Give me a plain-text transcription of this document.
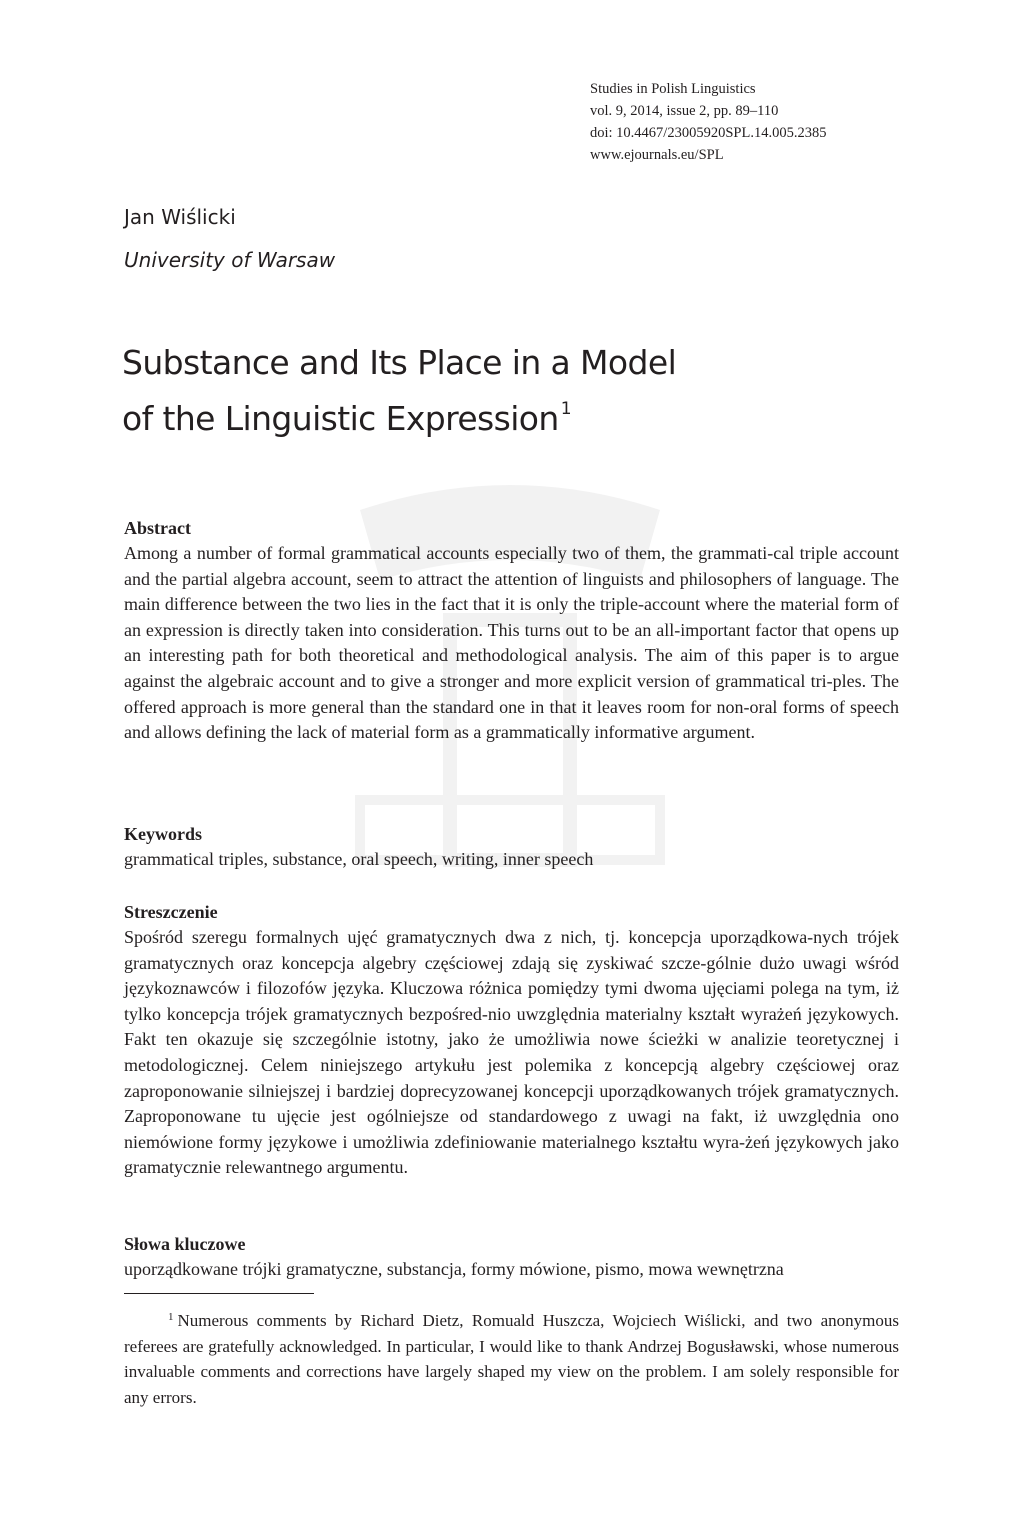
Studies in Polish Linguistics
vol. 9, 2014, issue 2, pp. 89–110
doi: 10.4467/23005920SPL.14.005.2385
www.ejournals.eu/SPL
Jan Wiślicki
University of Warsaw
Substance and Its Place in a Model
of the Linguistic Expression $^1$
Abstract

Among a number of formal grammatical accounts especially two of them, the grammati-cal triple account and the partial algebra account, seem to attract the attention of linguists and philosophers of language. The main difference between the two lies in the fact that it is only the triple-account where the material form of an expression is directly taken into consideration. This turns out to be an all-important factor that opens up an interesting path for both theoretical and methodological analysis. The aim of this paper is to argue against the algebraic account and to give a stronger and more explicit version of grammatical tri-ples. The offered approach is more general than the standard one in that it leaves room for non-oral forms of speech and allows defining the lack of material form as a grammatically informative argument.

Keywords

grammatical triples, substance, oral speech, writing, inner speech

Streszczenie

Spośród szeregu formalnych ujęć gramatycznych dwa z nich, tj. koncepcja uporządkowa-nych trójek gramatycznych oraz koncepcja algebry częściowej zdają się zyskiwać szcze-gólnie dużo uwagi wśród językoznawców i filozofów języka. Kluczowa różnica pomiędzy tymi dwoma ujęciami polega na tym, iż tylko koncepcja trójek gramatycznych bezpośred-nio uwzględnia materialny kształt wyrażeń językowych. Fakt ten okazuje się szczególnie istotny, jako że umożliwia nowe ścieżki w analizie teoretycznej i metodologicznej. Celem niniejszego artykułu jest polemika z koncepcją algebry częściowej oraz zaproponowanie silniejszej i bardziej doprecyzowanej koncepcji uporządkowanych trójek gramatycznych. Zaproponowane tu ujęcie jest ogólniejsze od standardowego z uwagi na fakt, iż uwzględnia ono niemówione formy językowe i umożliwia zdefiniowanie materialnego kształtu wyra-żeń językowych jako gramatycznie relewantnego argumentu.

Słowa kluczowe

uporządkowane trójki gramatyczne, substancja, formy mówione, pismo, mowa wewnętrzna

$^1$ Numerous comments by Richard Dietz, Romuald Huszcza, Wojciech Wiślicki, and two anonymous referees are gratefully acknowledged. In particular, I would like to thank Andrzej Bogusławski, whose numerous invaluable comments and corrections have largely shaped my view on the problem. I am solely responsible for any errors.
